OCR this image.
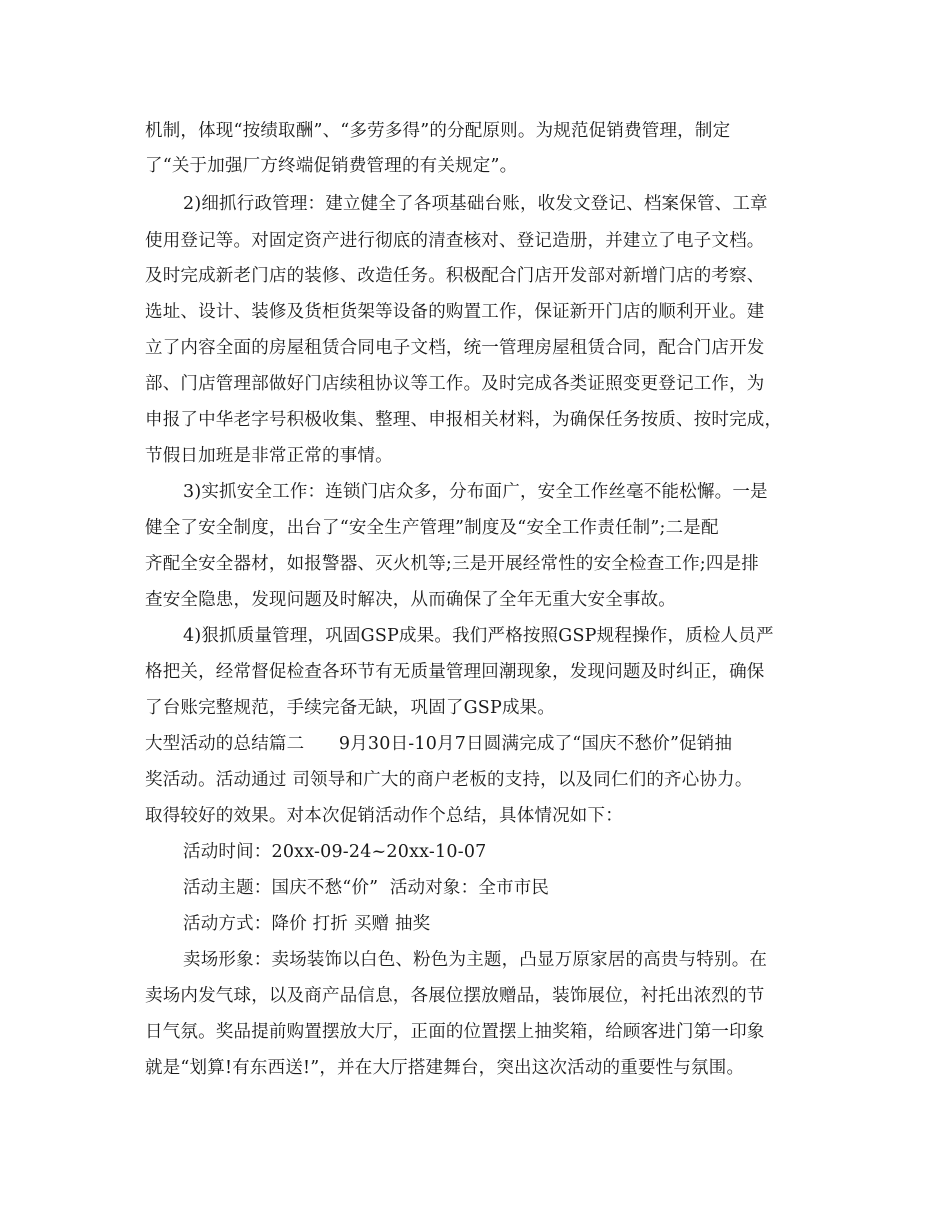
机制，体现“按绩取酬”、“多劳多得”的分配原则。为规范促销费管理，制定
了“关于加强厂方终端促销费管理的有关规定”。
2)细抓行政管理：建立健全了各项基础台账，收发文登记、档案保管、工章
使用登记等。对固定资产进行彻底的清查核对、登记造册，并建立了电子文档。
及时完成新老门店的装修、改造任务。积极配合门店开发部对新增门店的考察、
选址、设计、装修及货柜货架等设备的购置工作，保证新开门店的顺利开业。建
立了内容全面的房屋租赁合同电子文档，统一管理房屋租赁合同，配合门店开发
部、门店管理部做好门店续租协议等工作。及时完成各类证照变更登记工作，为
申报了中华老字号积极收集、整理、申报相关材料，为确保任务按质、按时完成，
节假日加班是非常正常的事情。
3)实抓安全工作：连锁门店众多，分布面广，安全工作丝毫不能松懈。一是
健全了安全制度，出台了“安全生产管理”制度及“安全工作责任制”;二是配
齐配全安全器材，如报警器、灭火机等;三是开展经常性的安全检查工作;四是排
查安全隐患，发现问题及时解决，从而确保了全年无重大安全事故。
4)狠抓质量管理，巩固GSP成果。我们严格按照GSP规程操作，质检人员严
格把关，经常督促检查各环节有无质量管理回潮现象，发现问题及时纠正，确保
了台账完整规范，手续完备无缺，巩固了GSP成果。
大型活动的总结篇二      9月30日-10月7日圆满完成了“国庆不愁价”促销抽
奖活动。活动通过 司领导和广大的商户老板的支持，以及同仁们的齐心协力。
取得较好的效果。对本次促销活动作个总结，具体情况如下：
活动时间：20xx-09-24~20xx-10-07
活动主题：国庆不愁“价”  活动对象：全市市民
活动方式：降价 打折 买赠 抽奖
卖场形象：卖场装饰以白色、粉色为主题，凸显万原家居的高贵与特别。在
卖场内发气球，以及商产品信息，各展位摆放赠品，装饰展位，衬托出浓烈的节
日气氛。奖品提前购置摆放大厅，正面的位置摆上抽奖箱，给顾客进门第一印象
就是“划算!有东西送!”，并在大厅搭建舞台，突出这次活动的重要性与氛围。
